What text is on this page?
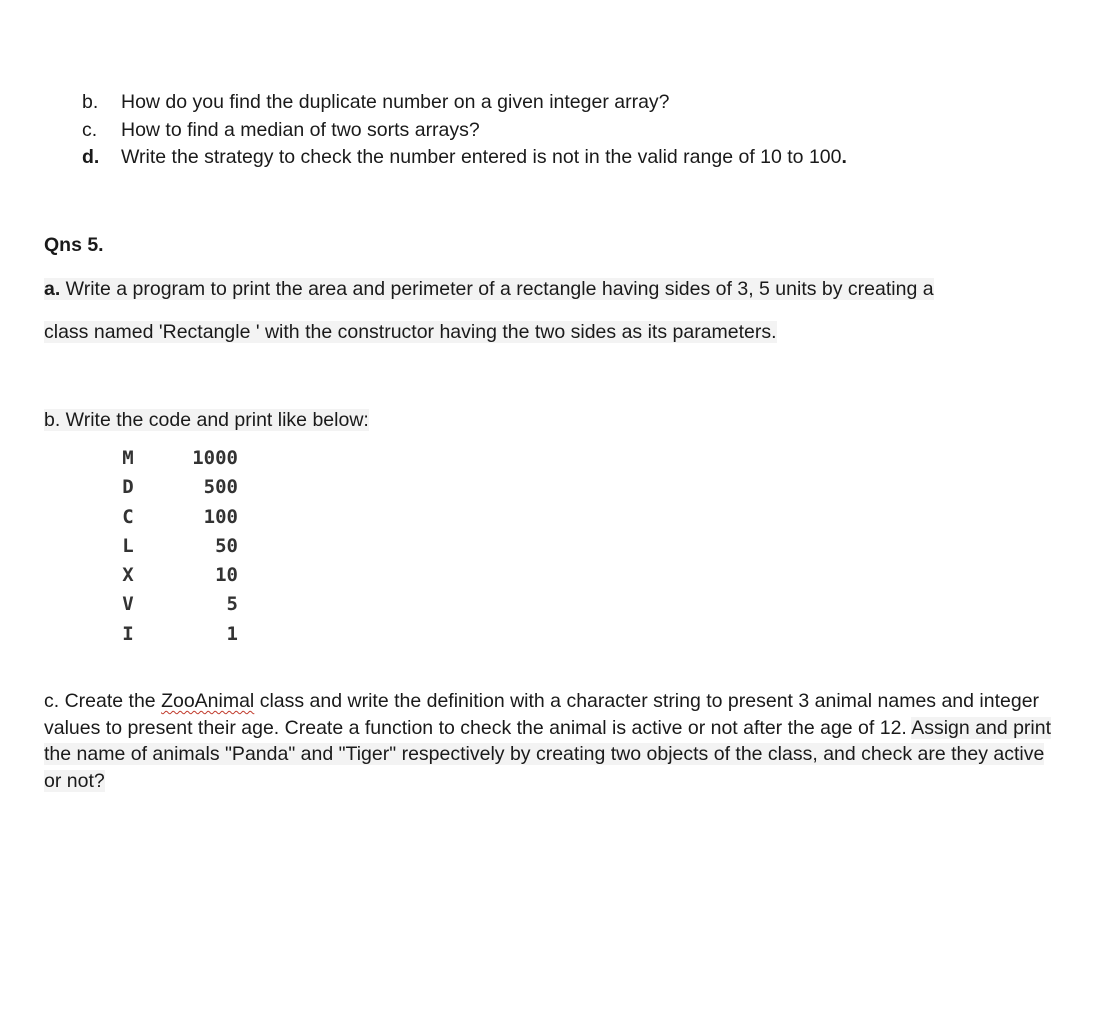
b. How do you find the duplicate number on a given integer array?
c. How to find a median of two sorts arrays?
d. Write the strategy to check the number entered is not in the valid range of 10 to 100.
Qns 5.
a. Write a program to print the area and perimeter of a rectangle having sides of 3, 5 units by creating a
class named 'Rectangle ' with the constructor having the two sides as its parameters.
b. Write the code and print like below:
M	1000
D	500
C	100
L	50
X	10
V	5
I	1
c. Create the ZooAnimal class and write the definition with a character string to present 3 animal names and integer values to present their age. Create a function to check the animal is active or not after the age of 12. Assign and print the name of animals "Panda" and "Tiger" respectively by creating two objects of the class, and check are they active or not?
